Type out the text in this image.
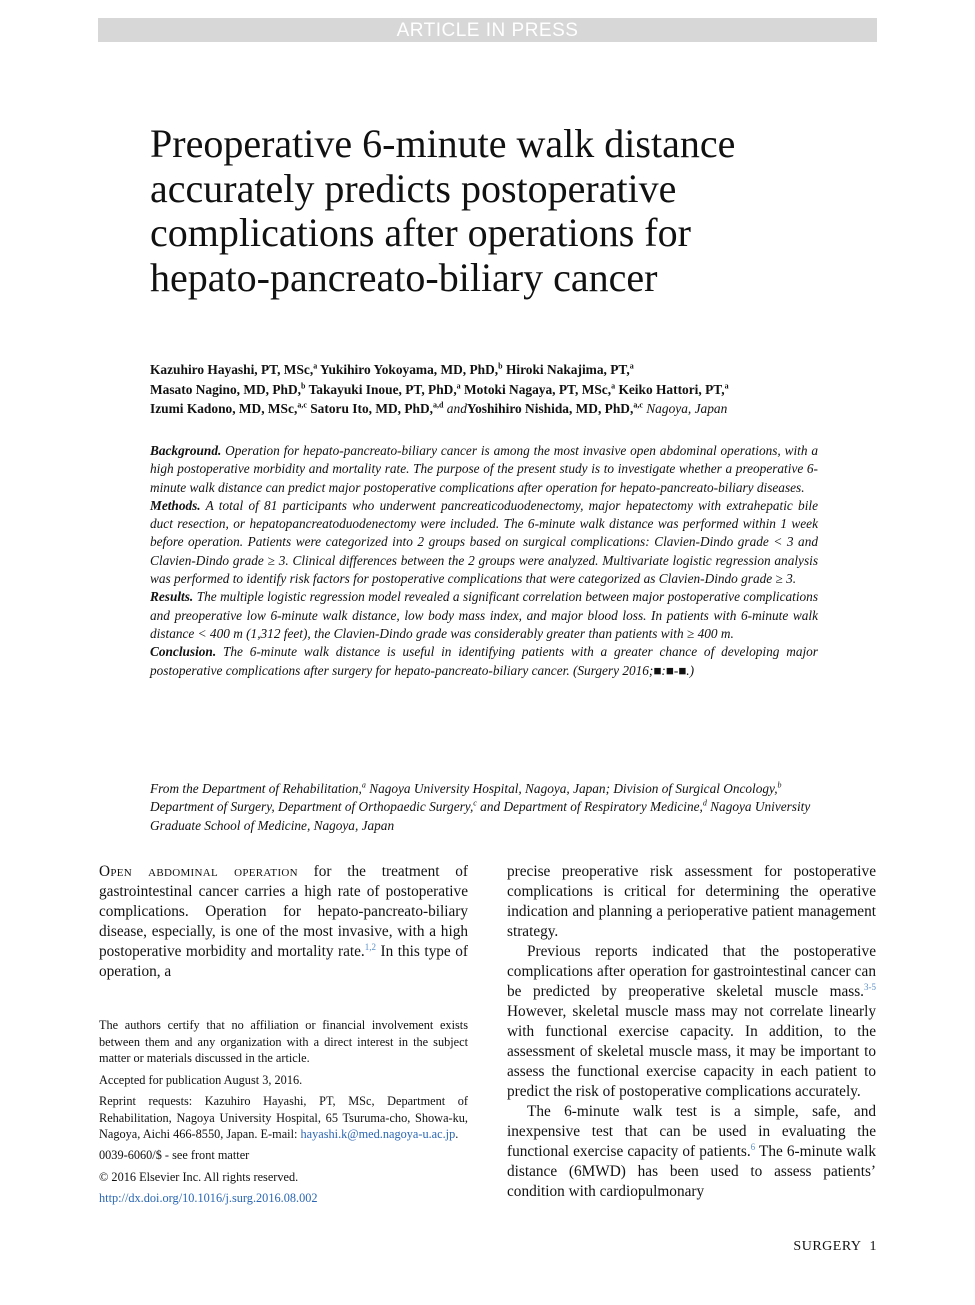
ARTICLE IN PRESS
Preoperative 6-minute walk distance accurately predicts postoperative complications after operations for hepato-pancreato-biliary cancer
Kazuhiro Hayashi, PT, MSc,$^a$ Yukihiro Yokoyama, MD, PhD,$^b$ Hiroki Nakajima, PT,$^a$
Masato Nagino, MD, PhD,$^b$ Takayuki Inoue, PT, PhD,$^a$ Motoki Nagaya, PT, MSc,$^a$ Keiko Hattori, PT,$^a$
Izumi Kadono, MD, MSc,$^{a,c}$ Satoru Ito, MD, PhD,$^{a,d}$ andYoshihiro Nishida, MD, PhD,$^{a,c}$ Nagoya, Japan

Background. Operation for hepato-pancreato-biliary cancer is among the most invasive open abdominal operations, with a high postoperative morbidity and mortality rate. The purpose of the present study is to investigate whether a preoperative 6-minute walk distance can predict major postoperative complications after operation for hepato-pancreato-biliary diseases.

Methods. A total of 81 participants who underwent pancreaticoduodenectomy, major hepatectomy with extrahepatic bile duct resection, or hepatopancreatoduodenectomy were included. The 6-minute walk distance was performed within 1 week before operation. Patients were categorized into 2 groups based on surgical complications: Clavien-Dindo grade < 3 and Clavien-Dindo grade ≥ 3. Clinical differences between the 2 groups were analyzed. Multivariate logistic regression analysis was performed to identify risk factors for postoperative complications that were categorized as Clavien-Dindo grade ≥ 3.

Results. The multiple logistic regression model revealed a significant correlation between major postoperative complications and preoperative low 6-minute walk distance, low body mass index, and major blood loss. In patients with 6-minute walk distance < 400 m (1,312 feet), the Clavien-Dindo grade was considerably greater than patients with ≥ 400 m.

Conclusion. The 6-minute walk distance is useful in identifying patients with a greater chance of developing major postoperative complications after surgery for hepato-pancreato-biliary cancer. (Surgery 2016;■:■-■.)

From the Department of Rehabilitation,$^a$ Nagoya University Hospital, Nagoya, Japan; Division of Surgical Oncology,$^b$ Department of Surgery, Department of Orthopaedic Surgery,$^c$ and Department of Respiratory Medicine,$^d$ Nagoya University Graduate School of Medicine, Nagoya, Japan

Open abdominal operation for the treatment of gastrointestinal cancer carries a high rate of postoperative complications. Operation for hepato-pancreato-biliary disease, especially, is one of the most invasive, with a high postoperative morbidity and mortality rate.$^{1,2}$ In this type of operation, a

The authors certify that no affiliation or financial involvement exists between them and any organization with a direct interest in the subject matter or materials discussed in the article.

Accepted for publication August 3, 2016.

Reprint requests: Kazuhiro Hayashi, PT, MSc, Department of Rehabilitation, Nagoya University Hospital, 65 Tsuruma-cho, Showa-ku, Nagoya, Aichi 466-8550, Japan. E-mail: hayashi.k@med.nagoya-u.ac.jp.

0039-6060/$ - see front matter

© 2016 Elsevier Inc. All rights reserved.

http://dx.doi.org/10.1016/j.surg.2016.08.002

precise preoperative risk assessment for postoperative complications is critical for determining the operative indication and planning a perioperative patient management strategy.

Previous reports indicated that the postoperative complications after operation for gastrointestinal cancer can be predicted by preoperative skeletal muscle mass.$^{3-5}$ However, skeletal muscle mass may not correlate linearly with functional exercise capacity. In addition, to the assessment of skeletal muscle mass, it may be important to assess the functional exercise capacity in each patient to predict the risk of postoperative complications accurately.

The 6-minute walk test is a simple, safe, and inexpensive test that can be used in evaluating the functional exercise capacity of patients.$^6$ The 6-minute walk distance (6MWD) has been used to assess patients’ condition with cardiopulmonary

SURGERY 1
